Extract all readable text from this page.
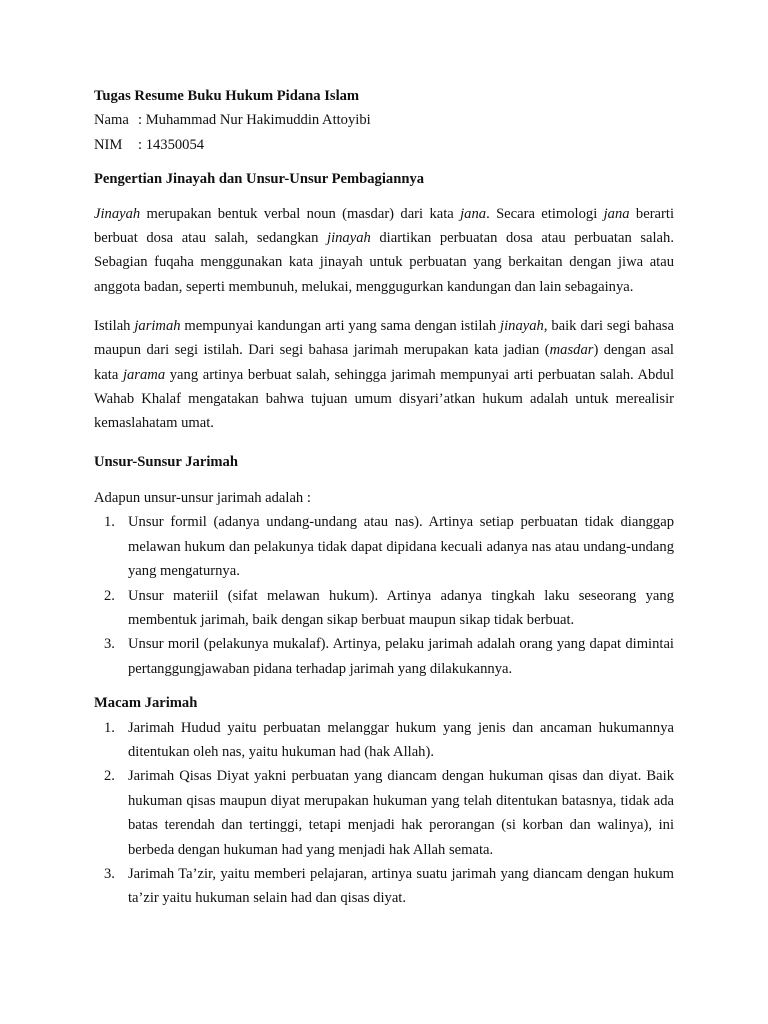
Tugas Resume Buku Hukum Pidana Islam
Nama : Muhammad Nur Hakimuddin Attoyibi
NIM : 14350054
Pengertian Jinayah dan Unsur-Unsur Pembagiannya

Jinayah merupakan bentuk verbal noun (masdar) dari kata jana. Secara etimologi jana berarti berbuat dosa atau salah, sedangkan jinayah diartikan perbuatan dosa atau perbuatan salah. Sebagian fuqaha menggunakan kata jinayah untuk perbuatan yang berkaitan dengan jiwa atau anggota badan, seperti membunuh, melukai, menggugurkan kandungan dan lain sebagainya.

Istilah jarimah mempunyai kandungan arti yang sama dengan istilah jinayah, baik dari segi bahasa maupun dari segi istilah. Dari segi bahasa jarimah merupakan kata jadian (masdar) dengan asal kata jarama yang artinya berbuat salah, sehingga jarimah mempunyai arti perbuatan salah. Abdul Wahab Khalaf mengatakan bahwa tujuan umum disyari’atkan hukum adalah untuk merealisir kemaslahatam umat.

Unsur-Sunsur Jarimah
Adapun unsur-unsur jarimah adalah :
1. Unsur formil (adanya undang-undang atau nas). Artinya setiap perbuatan tidak dianggap melawan hukum dan pelakunya tidak dapat dipidana kecuali adanya nas atau undang-undang yang mengaturnya.
2. Unsur materiil (sifat melawan hukum). Artinya adanya tingkah laku seseorang yang membentuk jarimah, baik dengan sikap berbuat maupun sikap tidak berbuat.
3. Unsur moril (pelakunya mukalaf). Artinya, pelaku jarimah adalah orang yang dapat dimintai pertanggungjawaban pidana terhadap jarimah yang dilakukannya.
Macam Jarimah
1. Jarimah Hudud yaitu perbuatan melanggar hukum yang jenis dan ancaman hukumannya ditentukan oleh nas, yaitu hukuman had (hak Allah).
2. Jarimah Qisas Diyat yakni perbuatan yang diancam dengan hukuman qisas dan diyat. Baik hukuman qisas maupun diyat merupakan hukuman yang telah ditentukan batasnya, tidak ada batas terendah dan tertinggi, tetapi menjadi hak perorangan (si korban dan walinya), ini berbeda dengan hukuman had yang menjadi hak Allah semata.
3. Jarimah Ta’zir, yaitu memberi pelajaran, artinya suatu jarimah yang diancam dengan hukum ta’zir yaitu hukuman selain had dan qisas diyat.
